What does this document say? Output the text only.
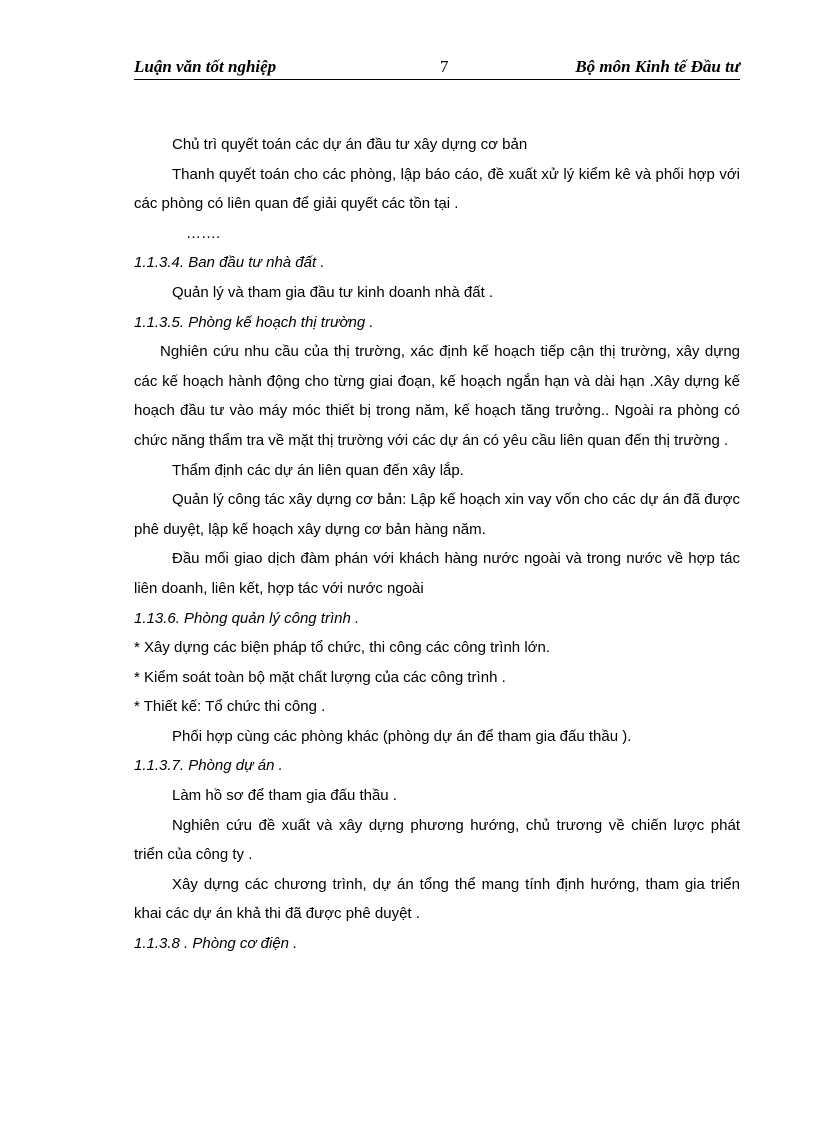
Luận văn tốt nghiệp	7	Bộ môn Kinh tế Đầu tư

Chủ trì quyết toán các dự án đầu tư xây dựng cơ bản

Thanh quyết toán cho các phòng, lập báo cáo, đề xuất xử lý kiểm kê và phối hợp với các phòng có liên quan để giải quyết các tồn tại .

…….

1.1.3.4. Ban đầu tư nhà đất .

Quản lý và tham gia đầu tư kinh doanh nhà đất .

1.1.3.5. Phòng kế hoạch thị trường .

Nghiên cứu nhu cầu của thị trường, xác định kế hoạch tiếp cận thị trường, xây dựng các kế hoạch hành động cho từng giai đoạn, kế hoạch ngắn hạn và dài hạn .Xây dựng kế hoạch đầu tư vào máy móc thiết bị trong năm, kế hoạch tăng trưởng.. Ngoài ra phòng có chức năng thẩm tra về mặt thị trường với các dự án có yêu cầu liên quan đến thị trường .

Thẩm định các dự án liên quan đến xây lắp.

Quản lý công tác xây dựng cơ bản: Lập kế hoạch xin vay vốn cho các dự án đã được phê duyệt, lập kế hoạch xây dựng cơ bản hàng năm.

Đầu mối giao dịch đàm phán với khách hàng nước ngoài và trong nước về hợp tác liên doanh, liên kết, hợp tác với nước ngoài

1.13.6. Phòng quản lý công trình .

* Xây dựng các biện pháp tổ chức, thi công các công trình lớn.

* Kiểm soát toàn bộ mặt chất lượng của các công trình .

* Thiết kế: Tổ chức thi công .

Phối hợp cùng các phòng khác (phòng dự án để tham gia đấu thầu ).

1.1.3.7. Phòng dự án .

Làm hồ sơ để tham gia đấu thầu .

Nghiên cứu đề xuất và xây dựng phương hướng, chủ trương về chiến lược phát triển của công ty .

Xây dựng các chương trình, dự án tổng thể mang tính định hướng, tham gia triển khai các dự án khả thi đã được phê duyệt .

1.1.3.8 . Phòng cơ điện .
